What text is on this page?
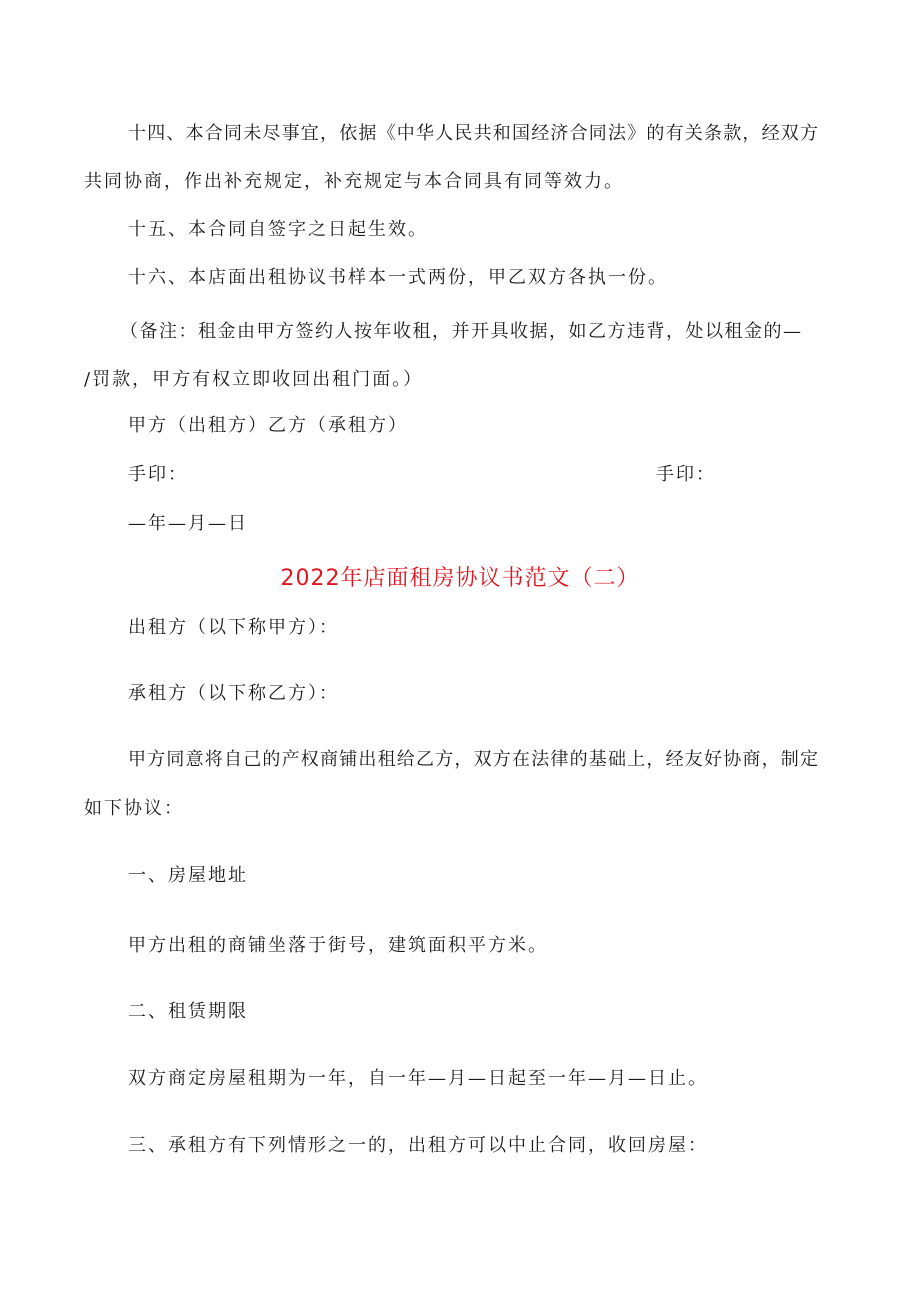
十四、本合同未尽事宜，依据《中华人民共和国经济合同法》的有关条款，经双方
共同协商，作出补充规定，补充规定与本合同具有同等效力。
十五、本合同自签字之日起生效。
十六、本店面出租协议书样本一式两份，甲乙双方各执一份。
（备注：租金由甲方签约人按年收租，并开具收据，如乙方违背，处以租金的—
/罚款，甲方有权立即收回出租门面。）
甲方（出租方）乙方（承租方）
手印：	手印：
—年—月—日
2022年店面租房协议书范文（二）
出租方（以下称甲方）：
承租方（以下称乙方）：
甲方同意将自己的产权商铺出租给乙方，双方在法律的基础上，经友好协商，制定
如下协议：
一、房屋地址
甲方出租的商铺坐落于街号，建筑面积平方米。
二、租赁期限
双方商定房屋租期为一年，自一年—月—日起至一年—月—日止。
三、承租方有下列情形之一的，出租方可以中止合同，收回房屋：
